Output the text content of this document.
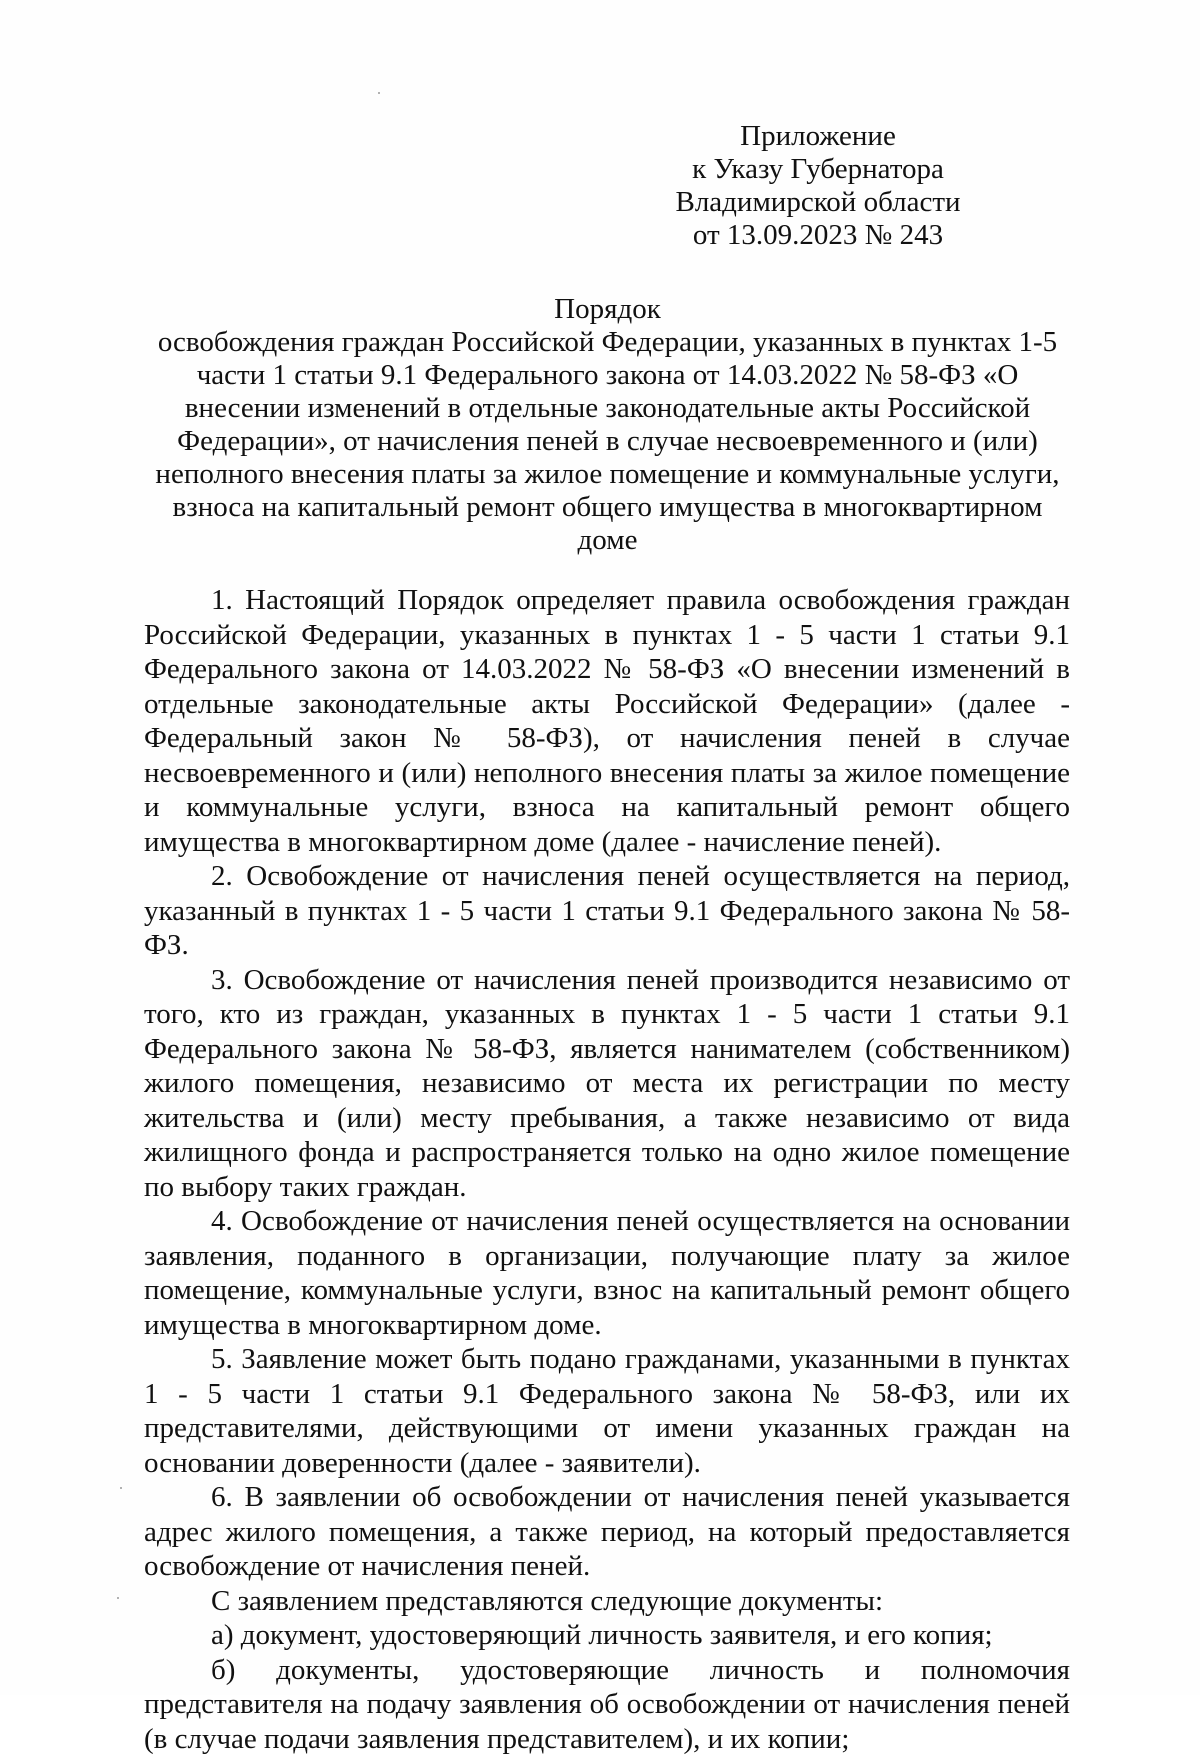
Приложение
к Указу Губернатора
Владимирской области
от 13.09.2023 № 243
Порядок
освобождения граждан Российской Федерации, указанных в пунктах 1-5 части 1 статьи 9.1 Федерального закона от 14.03.2022 № 58-ФЗ «О внесении изменений в отдельные законодательные акты Российской Федерации», от начисления пеней в случае несвоевременного и (или) неполного внесения платы за жилое помещение и коммунальные услуги, взноса на капитальный ремонт общего имущества в многоквартирном доме

1. Настоящий Порядок определяет правила освобождения граждан Российской Федерации, указанных в пунктах 1 - 5 части 1 статьи 9.1 Федерального закона от 14.03.2022 № 58-ФЗ «О внесении изменений в отдельные законодательные акты Российской Федерации» (далее - Федеральный закон № 58-ФЗ), от начисления пеней в случае несвоевременного и (или) неполного внесения платы за жилое помещение и коммунальные услуги, взноса на капитальный ремонт общего имущества в многоквартирном доме (далее - начисление пеней).

2. Освобождение от начисления пеней осуществляется на период, указанный в пунктах 1 - 5 части 1 статьи 9.1 Федерального закона № 58-ФЗ.

3. Освобождение от начисления пеней производится независимо от того, кто из граждан, указанных в пунктах 1 - 5 части 1 статьи 9.1 Федерального закона № 58-ФЗ, является нанимателем (собственником) жилого помещения, независимо от места их регистрации по месту жительства и (или) месту пребывания, а также независимо от вида жилищного фонда и распространяется только на одно жилое помещение по выбору таких граждан.

4. Освобождение от начисления пеней осуществляется на основании заявления, поданного в организации, получающие плату за жилое помещение, коммунальные услуги, взнос на капитальный ремонт общего имущества в многоквартирном доме.

5. Заявление может быть подано гражданами, указанными в пунктах 1 - 5 части 1 статьи 9.1 Федерального закона № 58-ФЗ, или их представителями, действующими от имени указанных граждан на основании доверенности (далее - заявители).

6. В заявлении об освобождении от начисления пеней указывается адрес жилого помещения, а также период, на который предоставляется освобождение от начисления пеней.

С заявлением представляются следующие документы:

а) документ, удостоверяющий личность заявителя, и его копия;

б) документы, удостоверяющие личность и полномочия представителя на подачу заявления об освобождении от начисления пеней (в случае подачи заявления представителем), и их копии;
